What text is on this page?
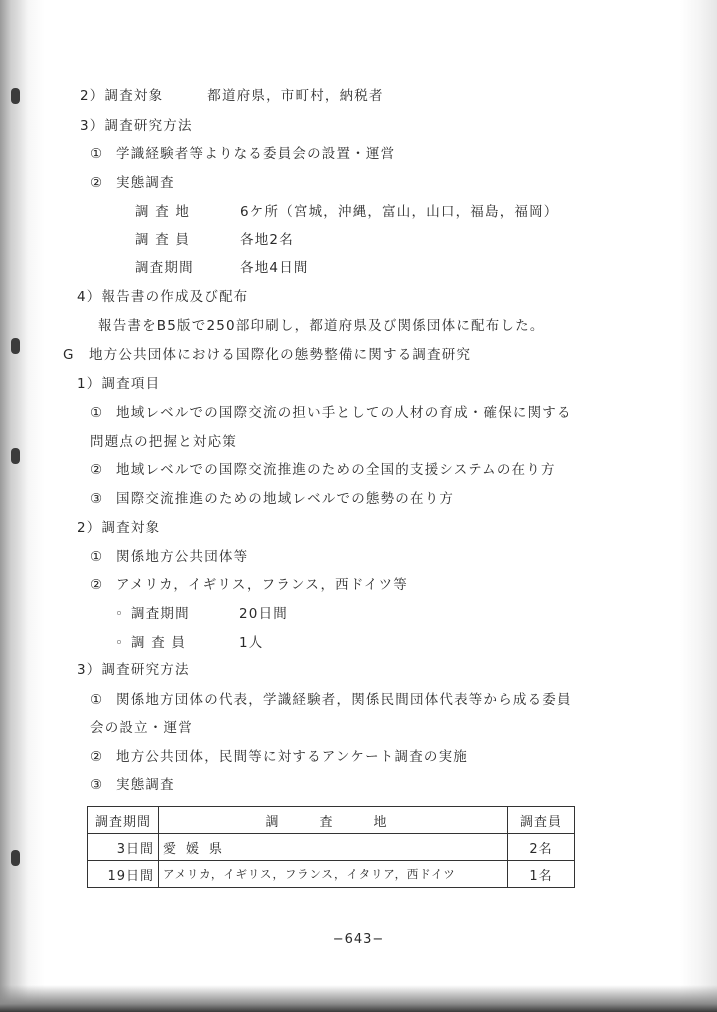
2）調査対象	都道府県，市町村，納税者
3）調査研究方法
① 学識経験者等よりなる委員会の設置・運営
② 実態調査
調 査 地	6ケ所（宮城，沖縄，富山，山口，福島，福岡）
調 査 員	各地2名
調査期間	各地4日間
4）報告書の作成及び配布
報告書をB5版で250部印刷し，都道府県及び関係団体に配布した。
G 地方公共団体における国際化の態勢整備に関する調査研究
1）調査項目
① 地域レベルでの国際交流の担い手としての人材の育成・確保に関する
問題点の把握と対応策
② 地域レベルでの国際交流推進のための全国的支援システムの在り方
③ 国際交流推進のための地域レベルでの態勢の在り方
2）調査対象
① 関係地方公共団体等
② アメリカ，イギリス，フランス，西ドイツ等
◦ 調査期間	20日間
◦ 調 査 員	1人
3）調査研究方法
① 関係地方団体の代表，学識経験者，関係民間団体代表等から成る委員
会の設立・運営
② 地方公共団体，民間等に対するアンケート調査の実施
③ 実態調査
調査期間	調　査　地	調査員
3日間	愛媛県	2名
19日間	アメリカ，イギリス，フランス，イタリア，西ドイツ	1名
−643−
